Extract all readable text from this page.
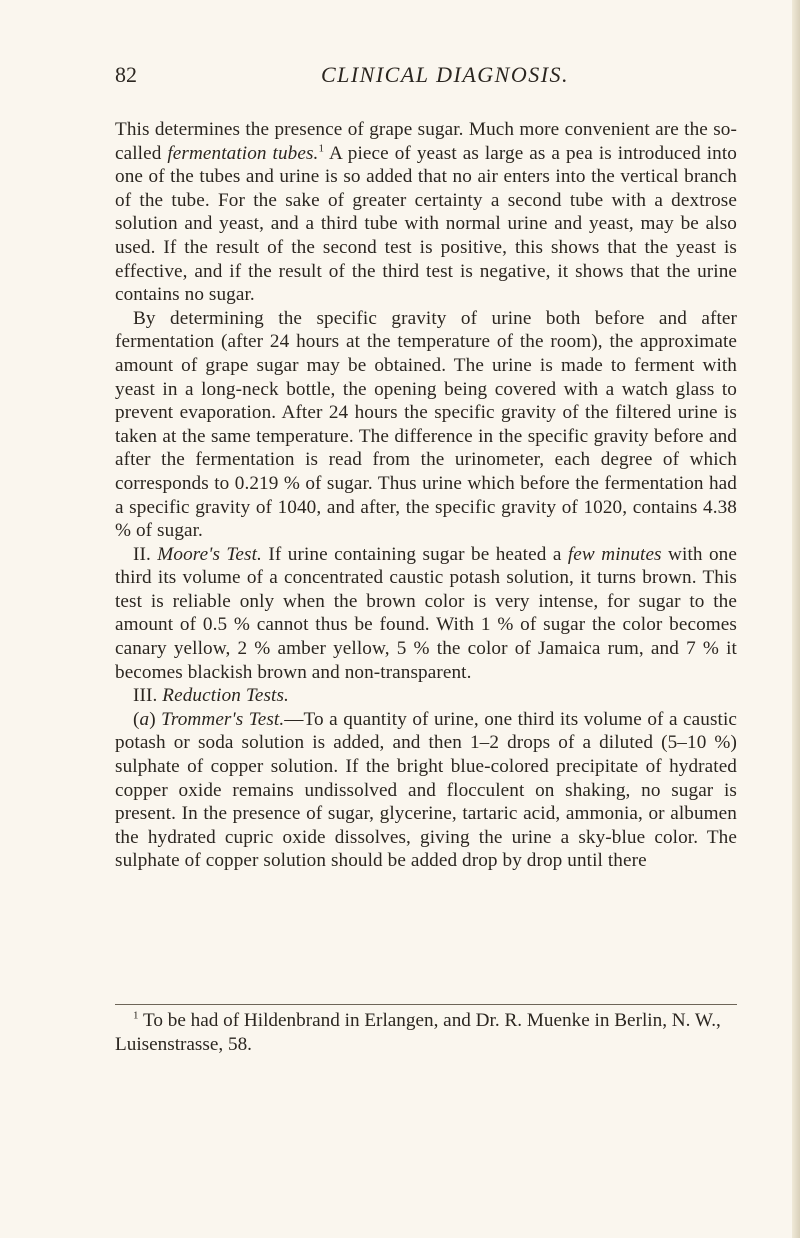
82	CLINICAL DIAGNOSIS.

This determines the presence of grape sugar. Much more convenient are the so-called fermentation tubes.$^1$ A piece of yeast as large as a pea is introduced into one of the tubes and urine is so added that no air enters into the vertical branch of the tube. For the sake of greater certainty a second tube with a dextrose solution and yeast, and a third tube with normal urine and yeast, may be also used. If the result of the second test is positive, this shows that the yeast is effective, and if the result of the third test is negative, it shows that the urine contains no sugar.

By determining the specific gravity of urine both before and after fermentation (after 24 hours at the temperature of the room), the approximate amount of grape sugar may be obtained. The urine is made to ferment with yeast in a long-neck bottle, the opening being covered with a watch glass to prevent evaporation. After 24 hours the specific gravity of the filtered urine is taken at the same temperature. The difference in the specific gravity before and after the fermentation is read from the urinometer, each degree of which corresponds to 0.219 % of sugar. Thus urine which before the fermentation had a specific gravity of 1040, and after, the specific gravity of 1020, contains 4.38 % of sugar.

II. Moore's Test. If urine containing sugar be heated a few minutes with one third its volume of a concentrated caustic potash solution, it turns brown. This test is reliable only when the brown color is very intense, for sugar to the amount of 0.5 % cannot thus be found. With 1 % of sugar the color becomes canary yellow, 2 % amber yellow, 5 % the color of Jamaica rum, and 7 % it becomes blackish brown and non-transparent.

III. Reduction Tests.

(a) Trommer's Test.—To a quantity of urine, one third its volume of a caustic potash or soda solution is added, and then 1–2 drops of a diluted (5–10 %) sulphate of copper solution. If the bright blue-colored precipitate of hydrated copper oxide remains undissolved and flocculent on shaking, no sugar is present. In the presence of sugar, glycerine, tartaric acid, ammonia, or albumen the hydrated cupric oxide dissolves, giving the urine a sky-blue color. The sulphate of copper solution should be added drop by drop until there

$^1$ To be had of Hildenbrand in Erlangen, and Dr. R. Muenke in Berlin, N. W., Luisenstrasse, 58.
